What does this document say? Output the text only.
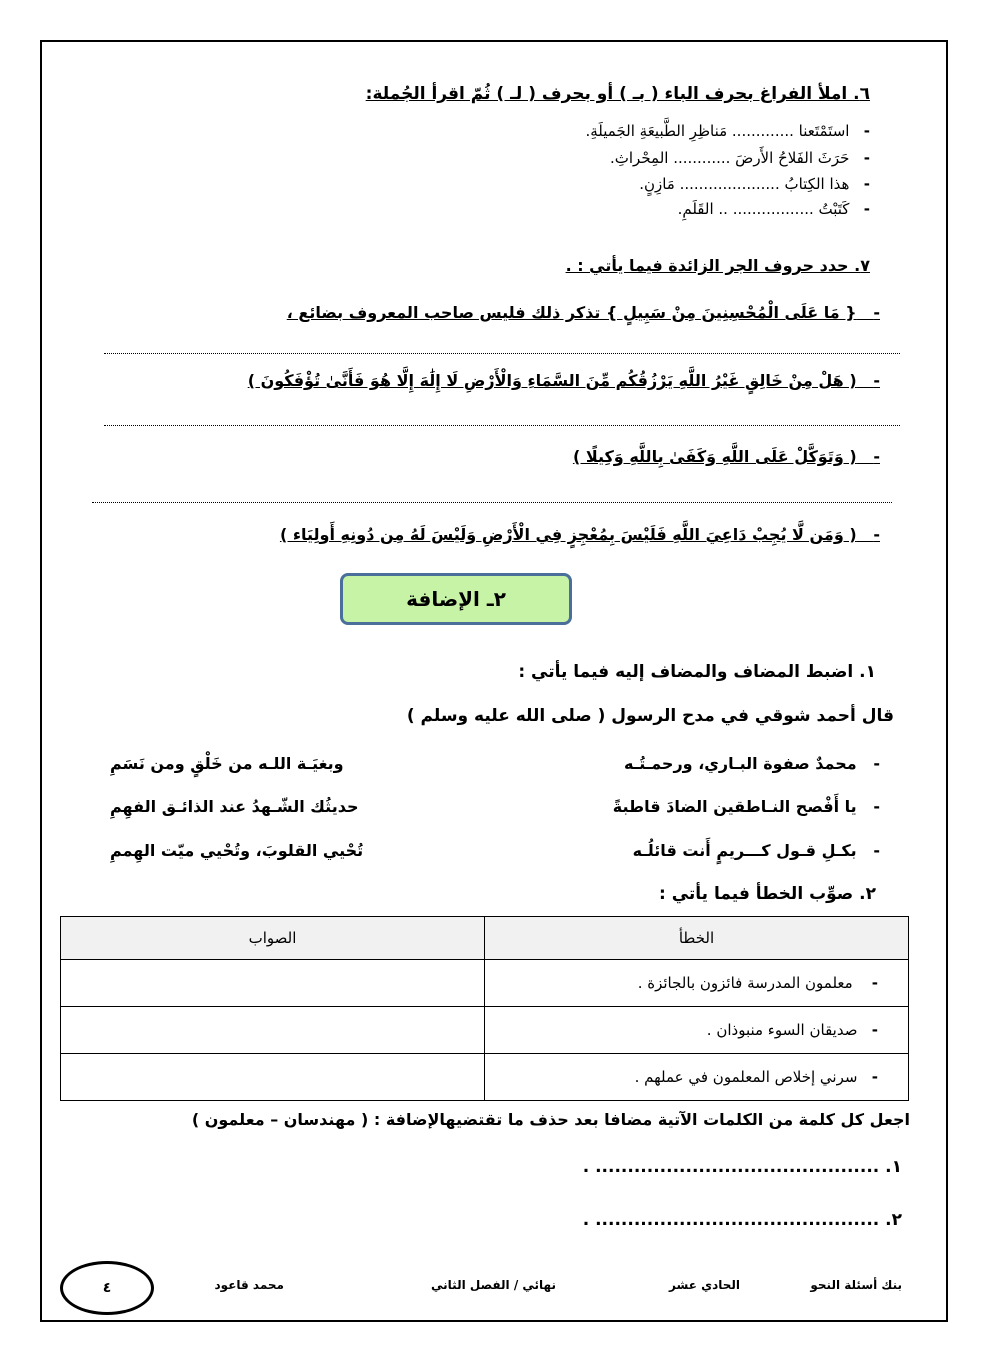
٦. املأ الفراغ بحرف الباء ( بـ ) أو بحرف ( لـ ) ثُمّ اقرأ الجُملة:
-   استَمْتَعنا ............. مَناظِرِ الطَّبيعَةِ الجَميلَةِ.
-   حَرَثَ الفَلاحُ الأَرضَ ............ المِحْراثِ.
-   هذا الكِتابُ ..................... مَازِنٍ.
-   كَتَبْتُ ................. .. القَلَمِ.
٧. حدد حروف الجر الزائدة فيما يأتي : .
-   { مَا عَلَى الْمُحْسِنِينَ مِنْ سَبِيلٍ } تذكر ذلك فليس صاحب المعروف بضائع ،
-   ( هَلْ مِنْ خَالِقٍ غَيْرُ اللَّهِ يَرْزُقُكُم مِّنَ السَّمَاءِ وَالْأَرْضِ لَا إِلَٰهَ إِلَّا هُوَ فَأَنَّىٰ تُؤْفَكُونَ )
-   ( وَتَوَكَّلْ عَلَى اللَّهِ وَكَفَىٰ بِاللَّهِ وَكِيلًا )
-   ( وَمَن لَّا يُجِبْ دَاعِيَ اللَّهِ فَلَيْسَ بِمُعْجِزٍ فِي الْأَرْضِ وَلَيْسَ لَهُ مِن دُونِهِ أَولِيَاء )
٢ـ الإضافة
١. اضبط المضاف والمضاف إليه فيما يأتي :
قال أحمد شوقي في مدح الرسول ( صلى الله عليه وسلم )
-   محمدٌ صفوة البـاري، ورحمـتُـه
وبغيَـة اللـه من خَلْقٍ ومن نَسَمِ
-   يا أَفْصح النـاطقين الضادَ قاطبةً
حديثُك الشّـهدُ عند الذائـق الفهِمِ
-   بكـلِ قـول كـــريمٍ أَنت قائلُـه
تُحْيي القلوبَ، وتُحْيي ميّت الهِممِ
٢. صوِّب الخطأ فيما يأتي :
الخطأ	الصواب
-    معلمون المدرسة فائزون بالجائزة .	
-   صديقان السوء منبوذان .	
-   سرني إخلاص المعلمون في عملهم .	
اجعل كل كلمة من الكلمات الآتية مضافا بعد حذف ما تقتضيهالإضافة : ( مهندسان – معلمون )
١. ............................................ .
٢. ............................................ .
بنك أسئلة النحو
الحادي عشر
نهائي / الفصل الثاني
محمد قاعود
٤
